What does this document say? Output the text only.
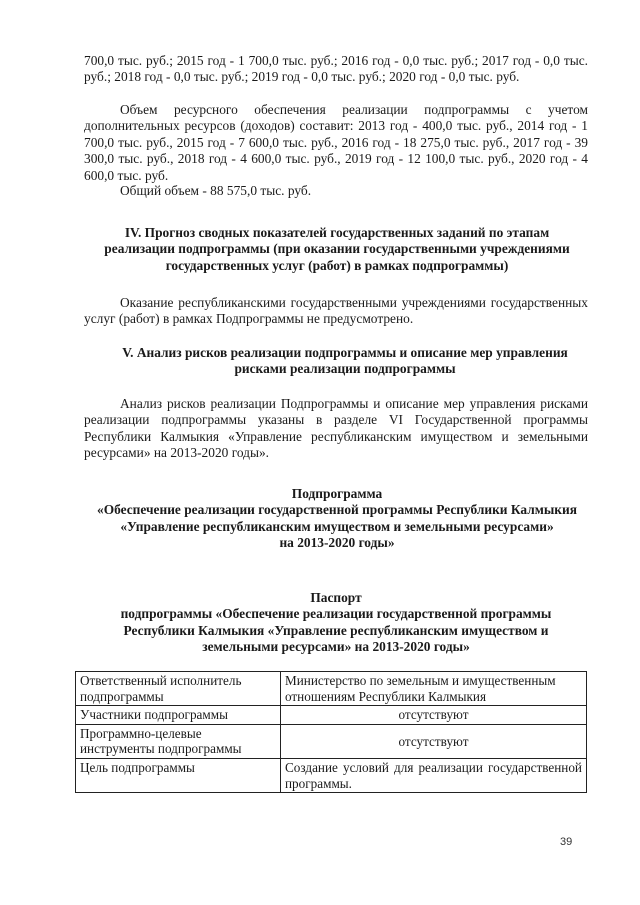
700,0 тыс. руб.; 2015 год - 1 700,0 тыс. руб.; 2016 год - 0,0 тыс. руб.; 2017 год - 0,0 тыс. руб.; 2018 год - 0,0 тыс. руб.; 2019 год - 0,0 тыс. руб.; 2020 год - 0,0 тыс. руб.

Объем ресурсного обеспечения реализации подпрограммы с учетом дополнительных ресурсов (доходов) составит: 2013 год - 400,0 тыс. руб., 2014 год - 1 700,0 тыс. руб., 2015 год - 7 600,0 тыс. руб., 2016 год - 18 275,0 тыс. руб., 2017 год - 39 300,0 тыс. руб., 2018 год - 4 600,0 тыс. руб., 2019 год - 12 100,0 тыс. руб., 2020 год - 4 600,0 тыс. руб.

Общий объем - 88 575,0 тыс. руб.

IV. Прогноз сводных показателей государственных заданий по этапам реализации подпрограммы (при оказании государственными учреждениями государственных услуг (работ) в рамках подпрограммы)

Оказание республиканскими государственными учреждениями государственных услуг (работ) в рамках Подпрограммы не предусмотрено.

V. Анализ рисков реализации подпрограммы и описание мер управления рисками реализации подпрограммы

Анализ рисков реализации Подпрограммы и описание мер управления рисками реализации подпрограммы указаны в разделе VI Государственной программы Республики Калмыкия «Управление республиканским имуществом и земельными ресурсами» на 2013-2020 годы».

Подпрограмма
«Обеспечение реализации государственной программы Республики Калмыкия «Управление республиканским имуществом и земельными ресурсами»
на 2013-2020 годы»
Паспорт
подпрограммы «Обеспечение реализации государственной программы Республики Калмыкия «Управление республиканским имуществом и земельными ресурсами» на 2013-2020 годы»
Ответственный исполнитель подпрограммы	Министерство по земельным и имущественным отношениям Республики Калмыкия
Участники подпрограммы	отсутствуют
Программно-целевые инструменты подпрограммы	отсутствуют
Цель подпрограммы	Создание условий для реализации государственной программы.
39
